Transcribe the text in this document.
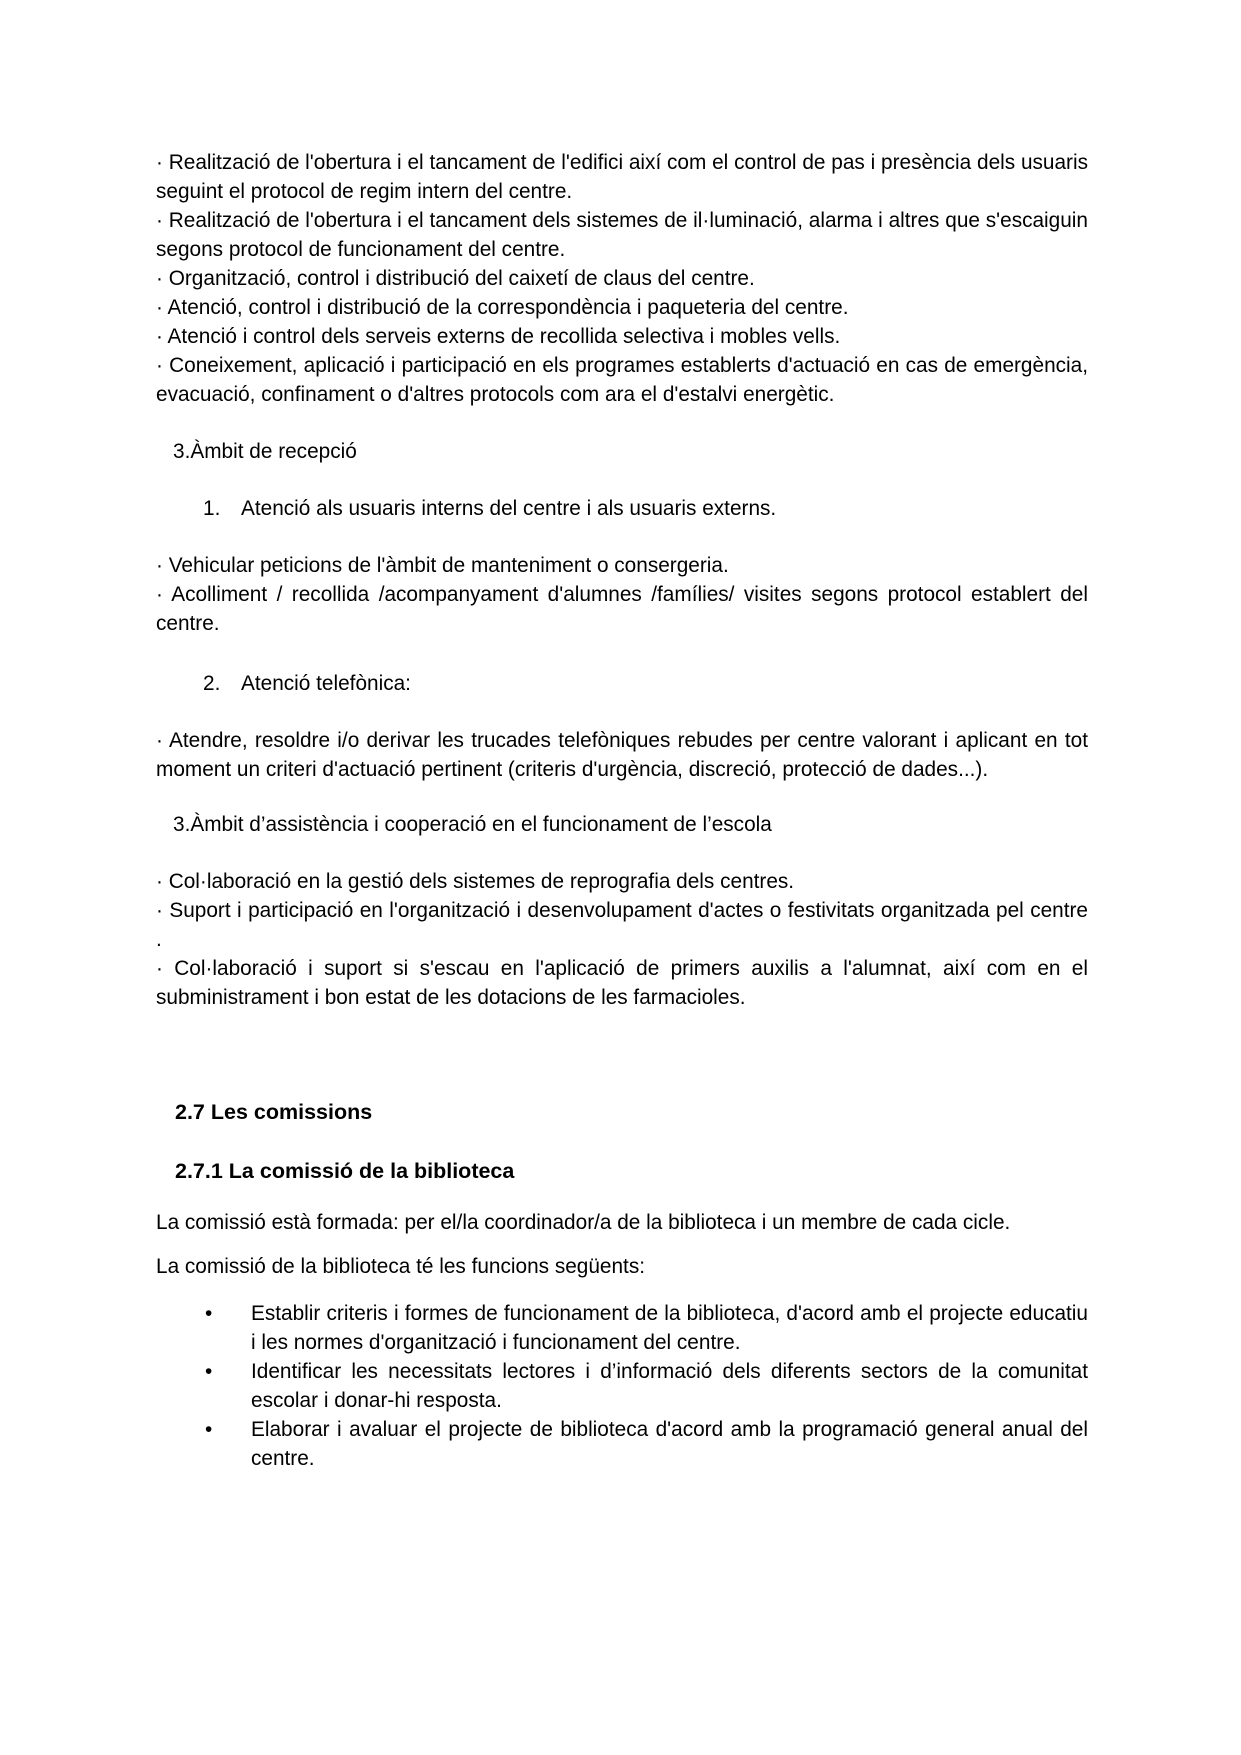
· Realització de l'obertura i el tancament de l'edifici així com el control de pas i presència dels usuaris seguint el protocol de regim intern del centre.

· Realització de l'obertura i el tancament dels sistemes de il·luminació, alarma i altres que s'escaiguin segons protocol de funcionament del centre.

· Organització, control i distribució del caixetí de claus del centre.

· Atenció, control i distribució de la correspondència i paqueteria del centre.

· Atenció i control dels serveis externs de recollida selectiva i mobles vells.

· Coneixement, aplicació i participació en els programes establerts d'actuació en cas de emergència, evacuació, confinament o d'altres protocols com ara el d'estalvi energètic.

3.Àmbit de recepció

1. Atenció als usuaris interns del centre i als usuaris externs.

· Vehicular peticions de l'àmbit de manteniment o consergeria.

· Acolliment / recollida /acompanyament d'alumnes /famílies/ visites segons protocol establert del centre.

2. Atenció telefònica:

· Atendre, resoldre i/o derivar les trucades telefòniques rebudes per centre valorant i aplicant en tot moment un criteri d'actuació pertinent (criteris d'urgència, discreció, protecció de dades...).

3.Àmbit d’assistència i cooperació en el funcionament de l’escola

· Col·laboració en la gestió dels sistemes de reprografia dels centres.

· Suport i participació en l'organització i desenvolupament d'actes o festivitats organitzada pel centre .

· Col·laboració i suport si s'escau en l'aplicació de primers auxilis a l'alumnat, així com en el subministrament i bon estat de les dotacions de les farmacioles.

2.7 Les comissions

2.7.1 La comissió de la biblioteca

La comissió està formada: per el/la coordinador/a de la biblioteca i un membre de cada cicle.

La comissió de la biblioteca té les funcions següents:

• Establir criteris i formes de funcionament de la biblioteca, d'acord amb el projecte educatiu i les normes d'organització i funcionament del centre.
• Identificar les necessitats lectores i d’informació dels diferents sectors de la comunitat escolar i donar-hi resposta.
• Elaborar i avaluar el projecte de biblioteca d'acord amb la programació general anual del centre.
